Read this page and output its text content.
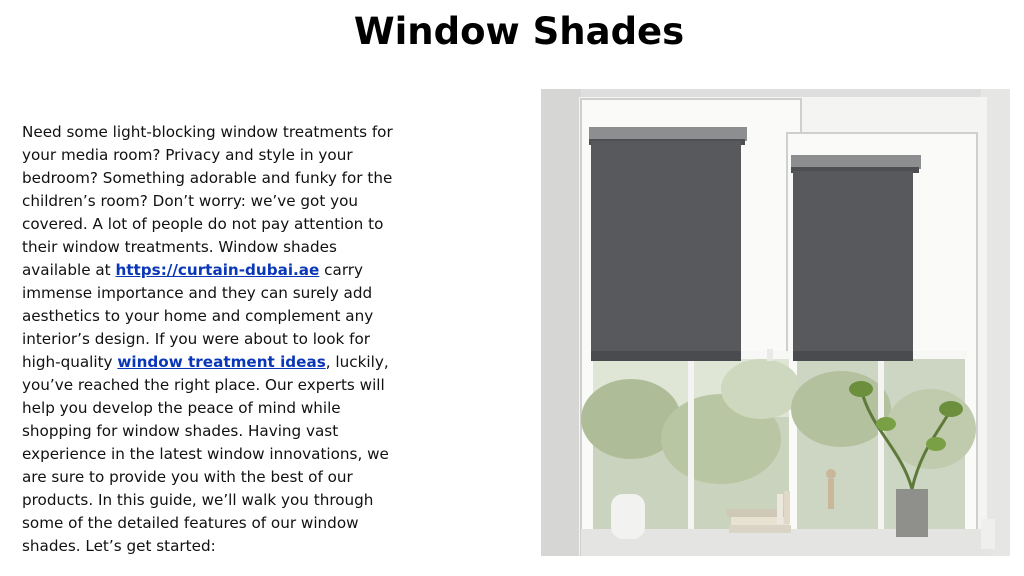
Window Shades
Need some light-blocking window treatments for your media room? Privacy and style in your bedroom? Something adorable and funky for the children’s room? Don’t worry: we’ve got you covered. A lot of people do not pay attention to their window treatments. Window shades available at https://curtain-dubai.ae carry immense importance and they can surely add aesthetics to your home and complement any interior’s design. If you were about to look for high-quality window treatment ideas, luckily, you’ve reached the right place. Our experts will help you develop the peace of mind while shopping for window shades. Having vast experience in the latest window innovations, we are sure to provide you with the best of our products. In this guide, we’ll walk you through some of the detailed features of our window shades. Let’s get started:
